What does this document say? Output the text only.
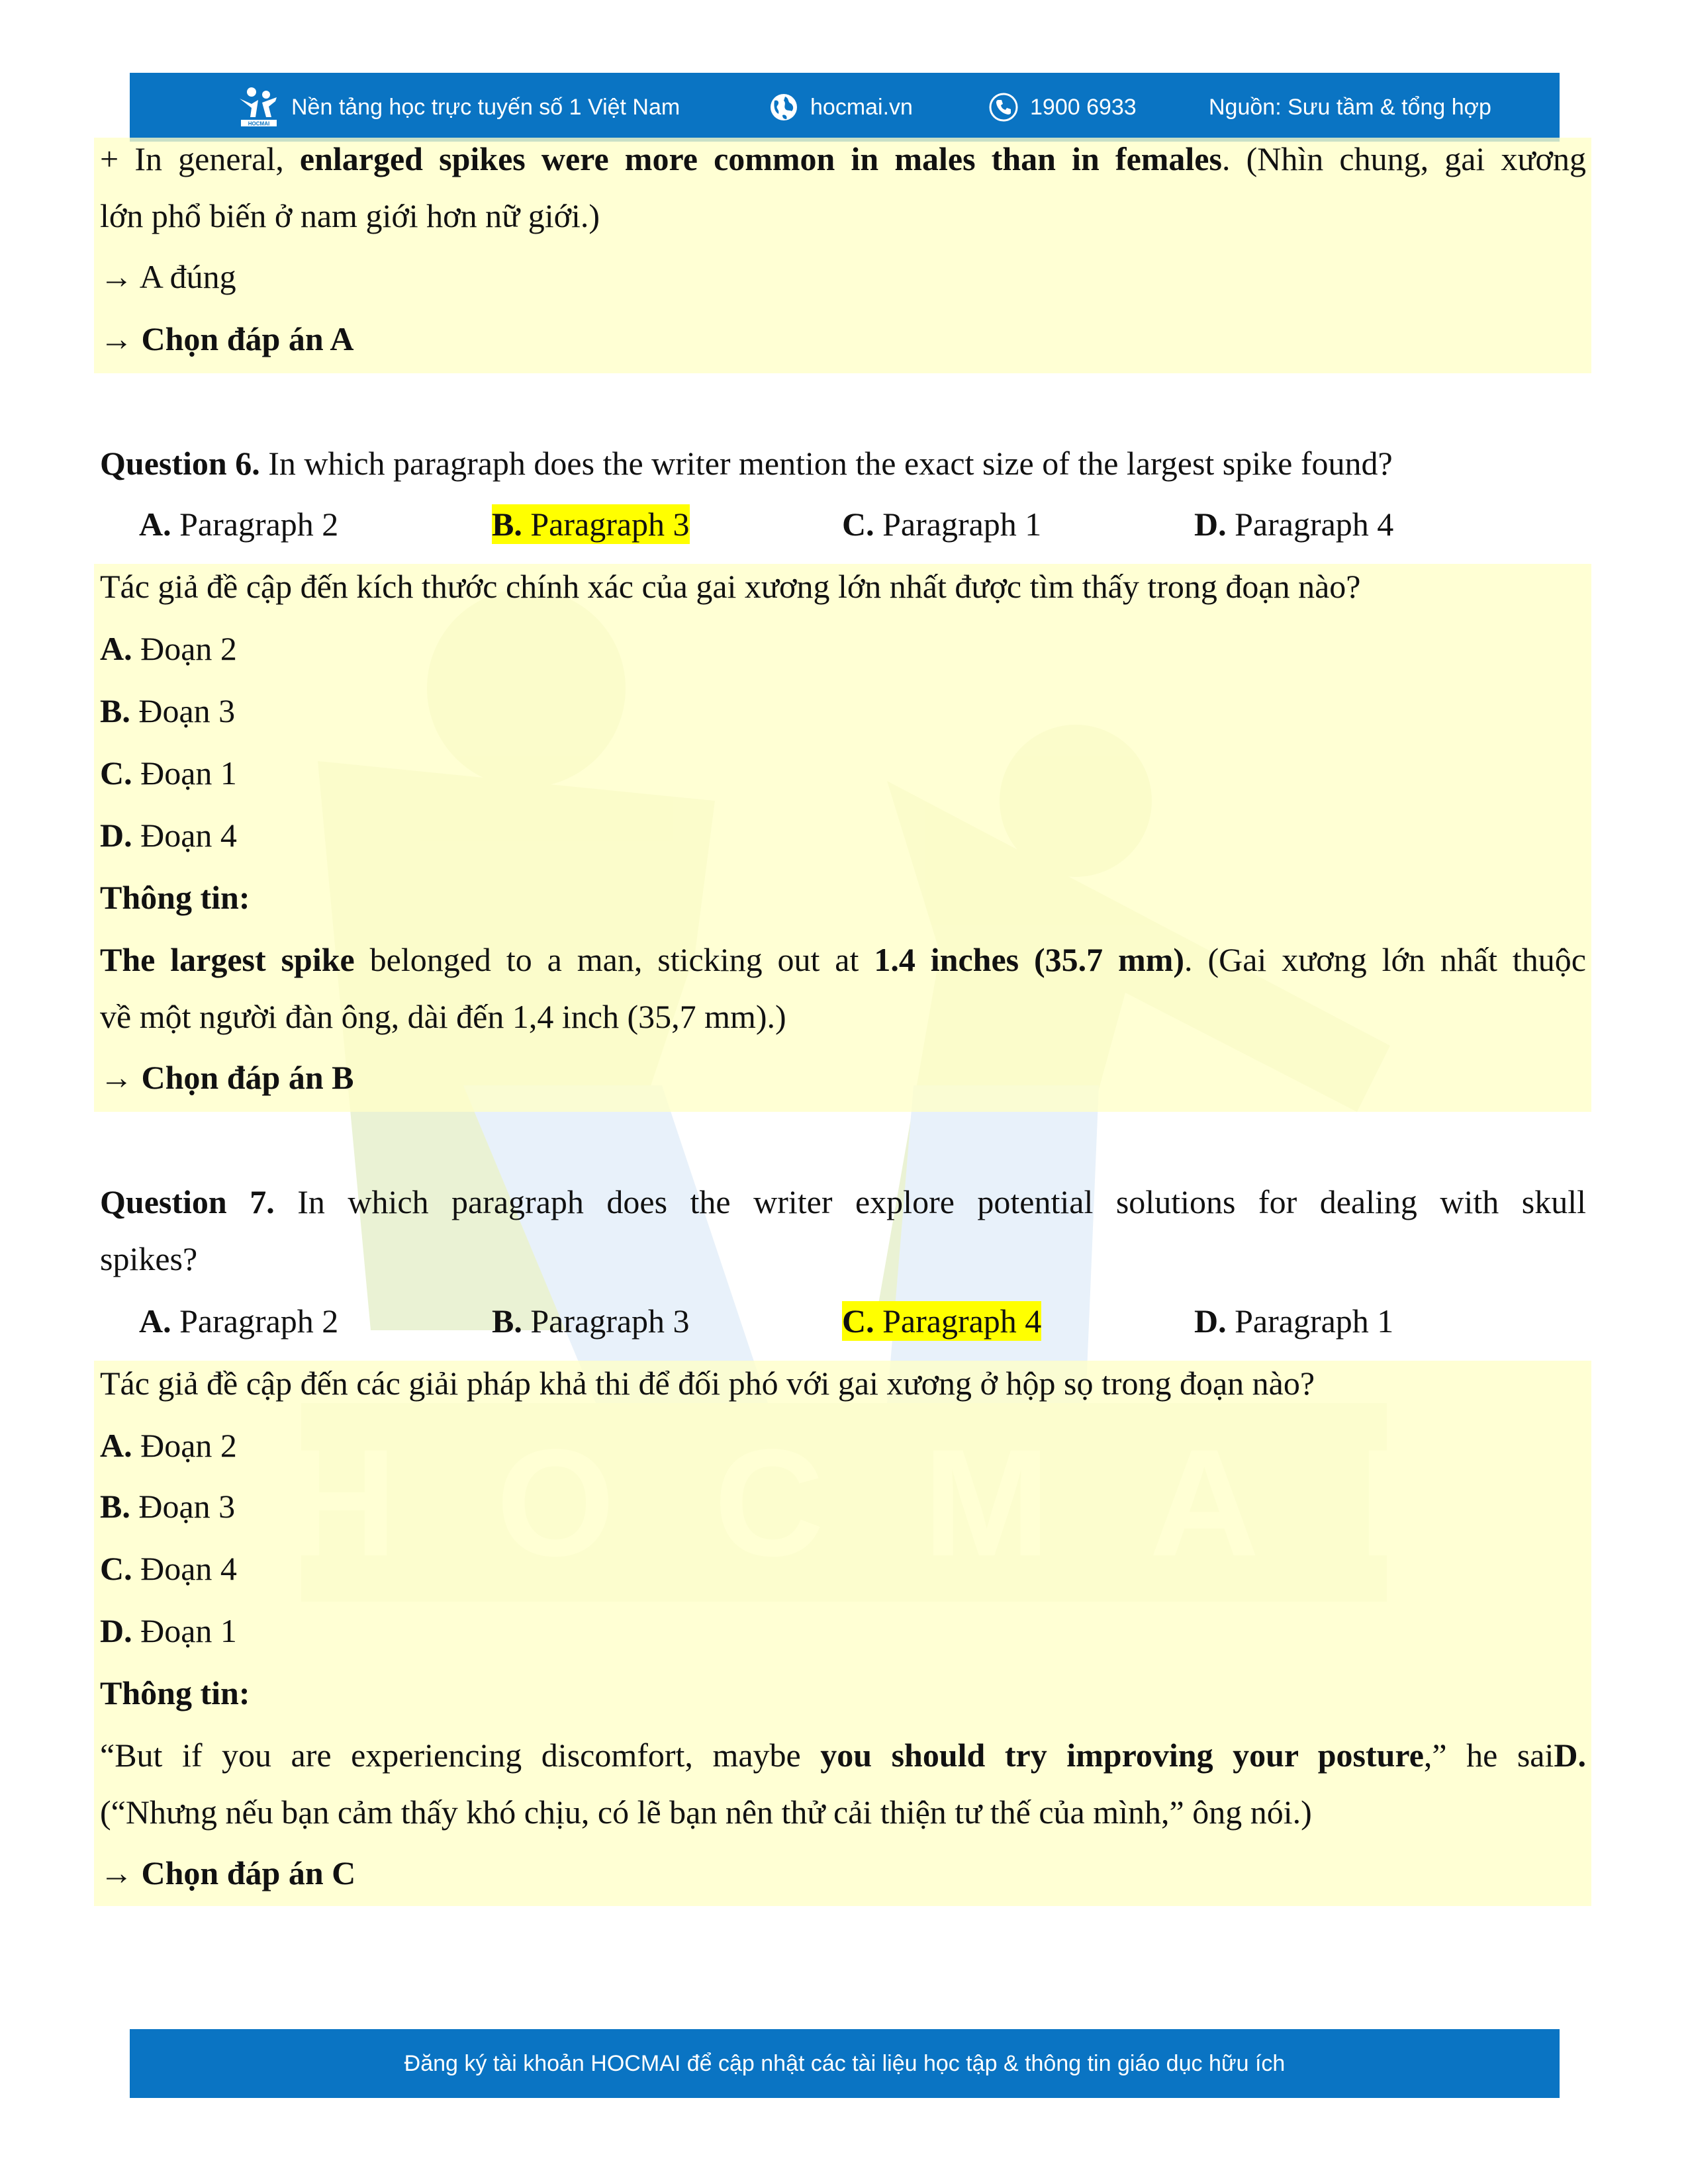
HOCMAI
Nền tảng học trực tuyến số 1 Việt Nam	hocmai.vn	1900 6933	Nguồn: Sưu tầm & tổng hợp
+ In general, enlarged spikes were more common in males than in females. (Nhìn chung, gai xương
lớn phổ biến ở nam giới hơn nữ giới.)
→ A đúng
→ Chọn đáp án A
Question 6. In which paragraph does the writer mention the exact size of the largest spike found?
A. Paragraph 2	B. Paragraph 3	C. Paragraph 1	D. Paragraph 4
Tác giả đề cập đến kích thước chính xác của gai xương lớn nhất được tìm thấy trong đoạn nào?
A. Đoạn 2
B. Đoạn 3
C. Đoạn 1
D. Đoạn 4
Thông tin:
The largest spike belonged to a man, sticking out at 1.4 inches (35.7 mm). (Gai xương lớn nhất thuộc
về một người đàn ông, dài đến 1,4 inch (35,7 mm).)
→ Chọn đáp án B
Question 7. In which paragraph does the writer explore potential solutions for dealing with skull
spikes?
A. Paragraph 2	B. Paragraph 3	C. Paragraph 4	D. Paragraph 1
Tác giả đề cập đến các giải pháp khả thi để đối phó với gai xương ở hộp sọ trong đoạn nào?
A. Đoạn 2
B. Đoạn 3
C. Đoạn 4
D. Đoạn 1
Thông tin:
“But if you are experiencing discomfort, maybe you should try improving your posture,” he saiD.
(“Nhưng nếu bạn cảm thấy khó chịu, có lẽ bạn nên thử cải thiện tư thế của mình,” ông nói.)
→ Chọn đáp án C
Đăng ký tài khoản HOCMAI để cập nhật các tài liệu học tập & thông tin giáo dục hữu ích
